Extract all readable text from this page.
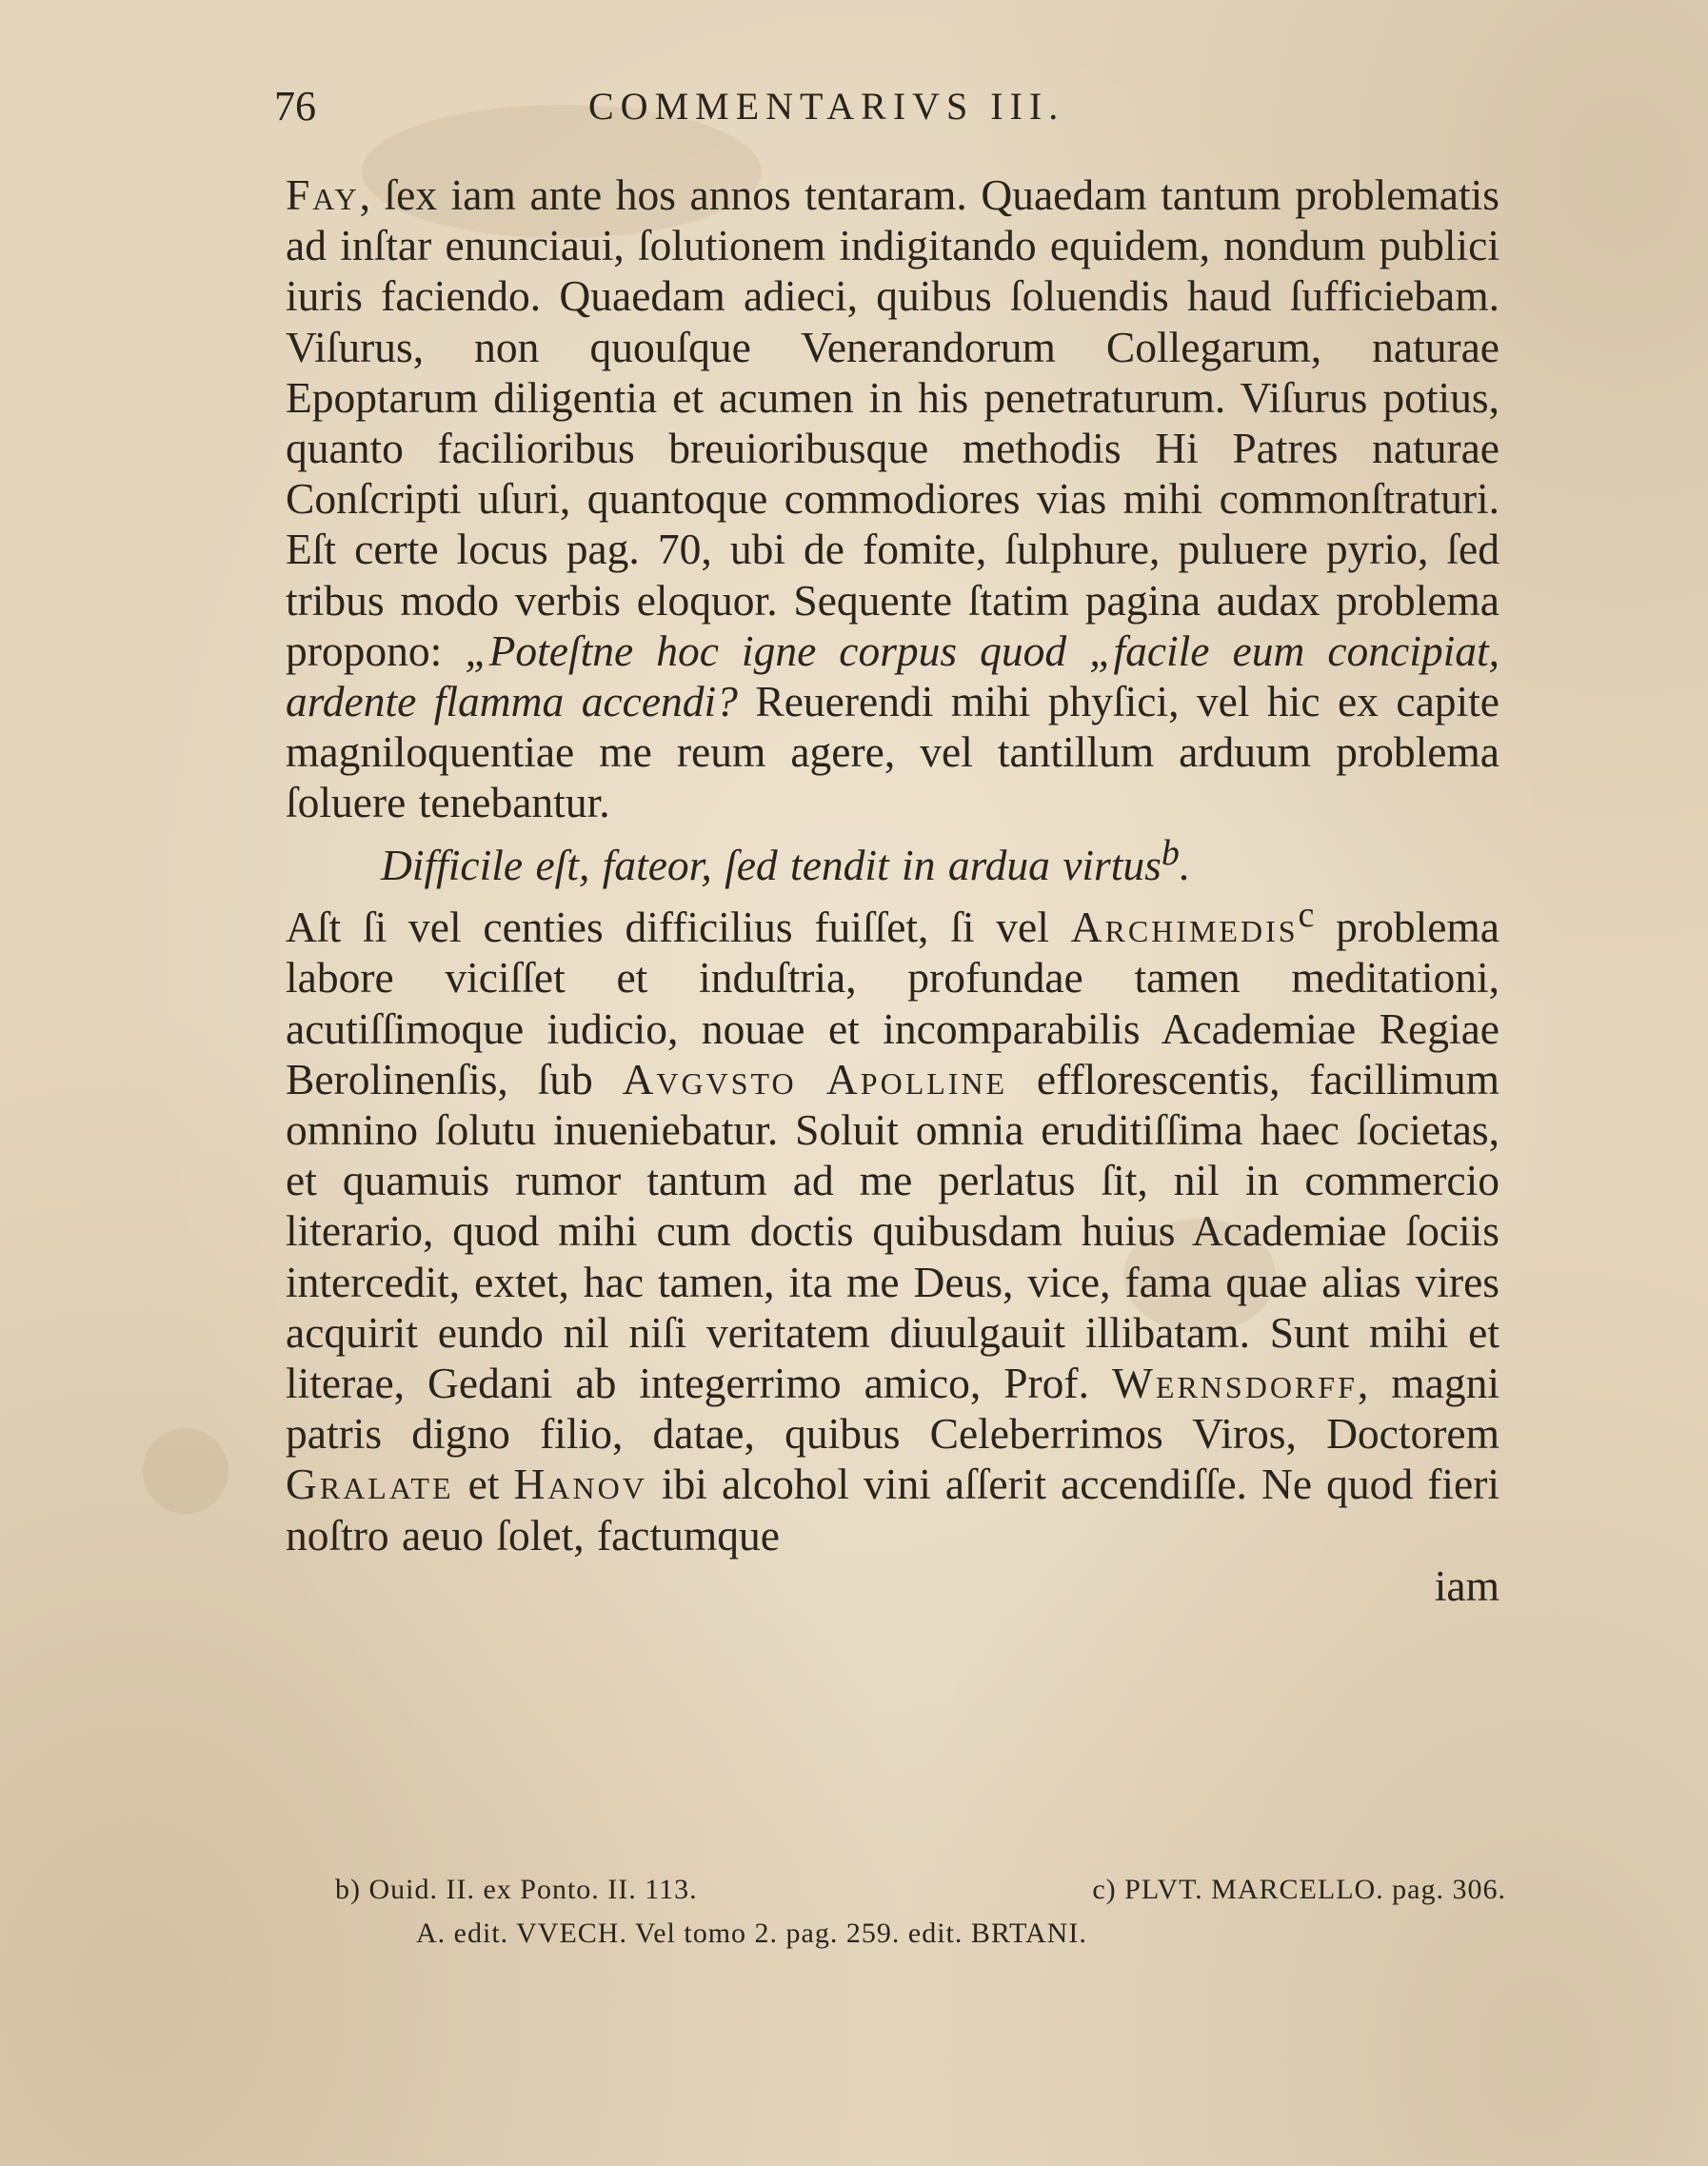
76	COMMENTARIVS III.

Fay, ſex iam ante hos annos tentaram. Quaedam tantum problematis ad inſtar enunciaui, ſolutionem indigitando equidem, nondum publici iuris faciendo. Quaedam adieci, quibus ſoluendis haud ſufficiebam. Viſurus, non quouſque Venerandorum Collegarum, naturae Epoptarum diligentia et acumen in his penetraturum. Viſurus potius, quanto facilioribus breuioribusque methodis Hi Patres naturae Conſcripti uſuri, quantoque commodiores vias mihi commonſtraturi. Eſt certe locus pag. 70, ubi de fomite, ſulphure, puluere pyrio, ſed tribus modo verbis eloquor. Sequente ſtatim pagina audax problema propono: „Poteſtne hoc igne corpus quod „facile eum concipiat, ardente flamma accendi? Reuerendi mihi phyſici, vel hic ex capite magniloquentiae me reum agere, vel tantillum arduum problema ſoluere tenebantur.

Difficile eſt, fateor, ſed tendit in ardua virtus$^b$.

Aſt ſi vel centies difficilius fuiſſet, ſi vel Archimedis$^c$ problema labore viciſſet et induſtria, profundae tamen meditationi, acutiſſimoque iudicio, nouae et incomparabilis Academiae Regiae Berolinenſis, ſub Avgvsto Apolline efflorescentis, facillimum omnino ſolutu inueniebatur. Soluit omnia eruditiſſima haec ſocietas, et quamuis rumor tantum ad me perlatus ſit, nil in commercio literario, quod mihi cum doctis quibusdam huius Academiae ſociis intercedit, extet, hac tamen, ita me Deus, vice, fama quae alias vires acquirit eundo nil niſi veritatem diuulgauit illibatam. Sunt mihi et literae, Gedani ab integerrimo amico, Prof. Wernsdorff, magni patris digno filio, datae, quibus Celeberrimos Viros, Doctorem Gralate et Hanov ibi alcohol vini aſſerit accendiſſe. Ne quod fieri noſtro aeuo ſolet, factumque

iam

b) Ouid. II. ex Ponto. II. 113.	c) PLVT. MARCELLO. pag. 306.
A. edit. VVECH. Vel tomo 2. pag. 259. edit. BRTANI.
